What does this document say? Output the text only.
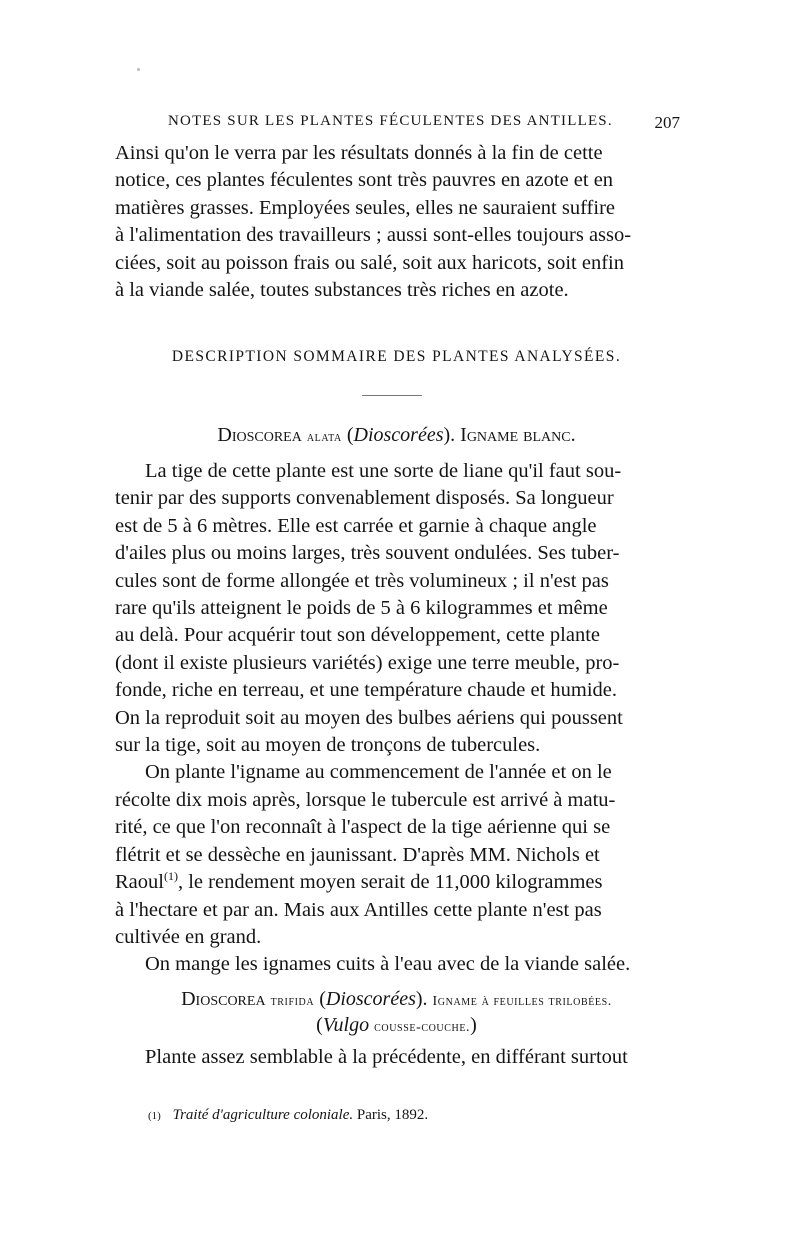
NOTES SUR LES PLANTES FÉCULENTES DES ANTILLES. 207

Ainsi qu'on le verra par les résultats donnés à la fin de cette

notice, ces plantes féculentes sont très pauvres en azote et en

matières grasses. Employées seules, elles ne sauraient suffire

à l'alimentation des travailleurs ; aussi sont-elles toujours asso-

ciées, soit au poisson frais ou salé, soit aux haricots, soit enfin

à la viande salée, toutes substances très riches en azote.

DESCRIPTION SOMMAIRE DES PLANTES ANALYSÉES.
Dioscorea alata (Dioscorées). Igname blanc.

La tige de cette plante est une sorte de liane qu'il faut sou-

tenir par des supports convenablement disposés. Sa longueur

est de 5 à 6 mètres. Elle est carrée et garnie à chaque angle

d'ailes plus ou moins larges, très souvent ondulées. Ses tuber-

cules sont de forme allongée et très volumineux ; il n'est pas

rare qu'ils atteignent le poids de 5 à 6 kilogrammes et même

au delà. Pour acquérir tout son développement, cette plante

(dont il existe plusieurs variétés) exige une terre meuble, pro-

fonde, riche en terreau, et une température chaude et humide.

On la reproduit soit au moyen des bulbes aériens qui poussent

sur la tige, soit au moyen de tronçons de tubercules.

On plante l'igname au commencement de l'année et on le

récolte dix mois après, lorsque le tubercule est arrivé à matu-

rité, ce que l'on reconnaît à l'aspect de la tige aérienne qui se

flétrit et se dessèche en jaunissant. D'après MM. Nichols et

Raoul$^{(1)}$, le rendement moyen serait de 11,000 kilogrammes

à l'hectare et par an. Mais aux Antilles cette plante n'est pas

cultivée en grand.

On mange les ignames cuits à l'eau avec de la viande salée.

Dioscorea trifida (Dioscorées). Igname à feuilles trilobées.
(Vulgo cousse-couche.)

Plante assez semblable à la précédente, en différant surtout

(1) Traité d'agriculture coloniale. Paris, 1892.
